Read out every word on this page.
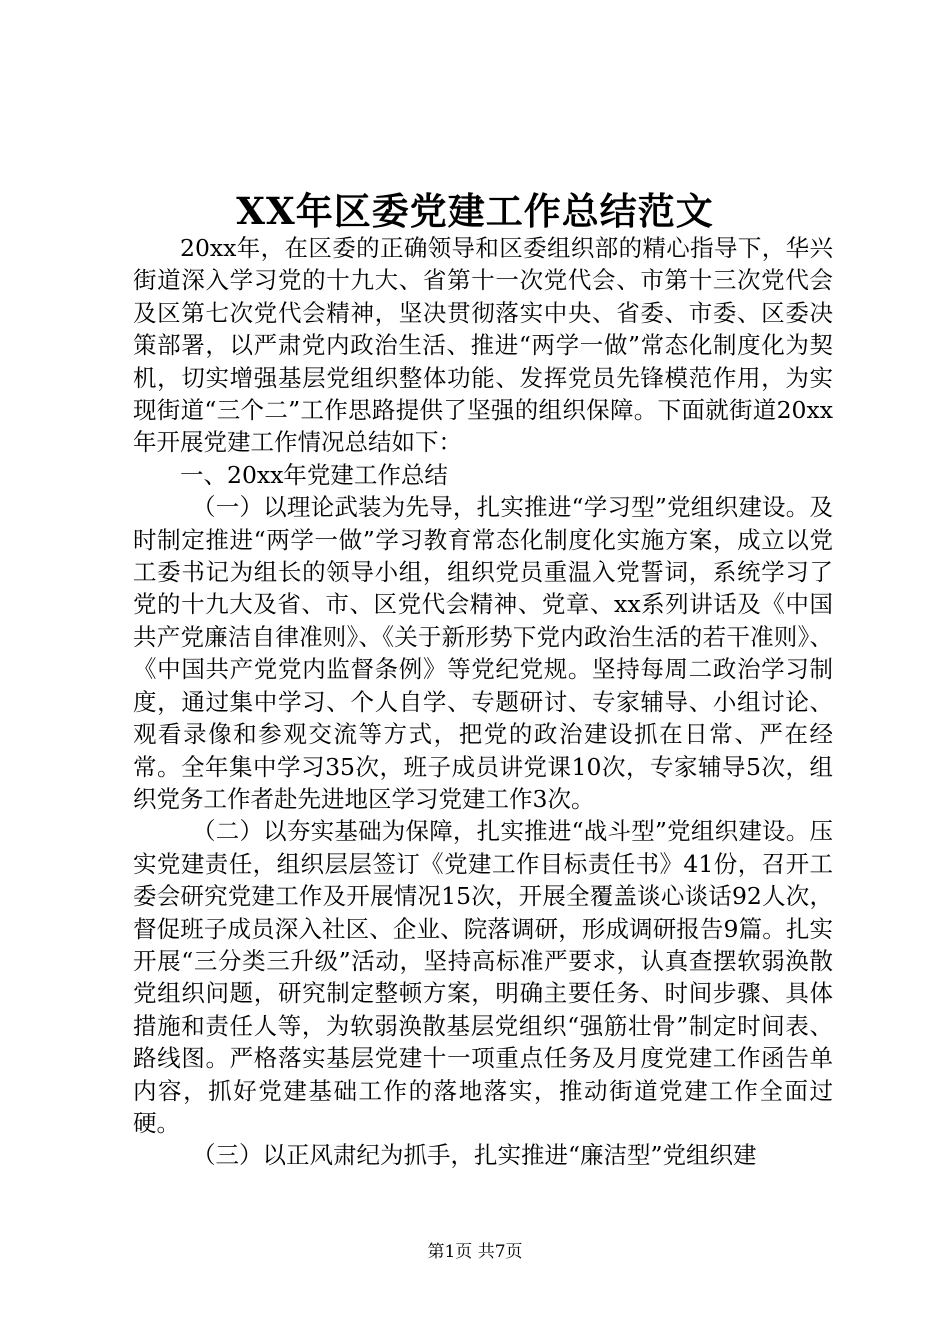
XX年区委党建工作总结范文

20xx年，在区委的正确领导和区委组织部的精心指导下，华兴街道深入学习党的十九大、省第十一次党代会、市第十三次党代会及区第七次党代会精神，坚决贯彻落实中央、省委、市委、区委决策部署，以严肃党内政治生活、推进“两学一做”常态化制度化为契机，切实增强基层党组织整体功能、发挥党员先锋模范作用，为实现街道“三个二”工作思路提供了坚强的组织保障。下面就街道20xx年开展党建工作情况总结如下：

一、20xx年党建工作总结

（一）以理论武装为先导，扎实推进“学习型”党组织建设。及时制定推进“两学一做”学习教育常态化制度化实施方案，成立以党工委书记为组长的领导小组，组织党员重温入党誓词，系统学习了党的十九大及省、市、区党代会精神、党章、xx系列讲话及《中国共产党廉洁自律准则》、《关于新形势下党内政治生活的若干准则》、《中国共产党党内监督条例》等党纪党规。坚持每周二政治学习制度，通过集中学习、个人自学、专题研讨、专家辅导、小组讨论、观看录像和参观交流等方式，把党的政治建设抓在日常、严在经常。全年集中学习35次，班子成员讲党课10次，专家辅导5次，组织党务工作者赴先进地区学习党建工作3次。

（二）以夯实基础为保障，扎实推进“战斗型”党组织建设。压实党建责任，组织层层签订《党建工作目标责任书》41份，召开工委会研究党建工作及开展情况15次，开展全覆盖谈心谈话92人次，督促班子成员深入社区、企业、院落调研，形成调研报告9篇。扎实开展“三分类三升级”活动，坚持高标准严要求，认真查摆软弱涣散党组织问题，研究制定整顿方案，明确主要任务、时间步骤、具体措施和责任人等，为软弱涣散基层党组织“强筋壮骨”制定时间表、路线图。严格落实基层党建十一项重点任务及月度党建工作函告单内容，抓好党建基础工作的落地落实，推动街道党建工作全面过硬。

（三）以正风肃纪为抓手，扎实推进“廉洁型”党组织建

第1页 共7页
